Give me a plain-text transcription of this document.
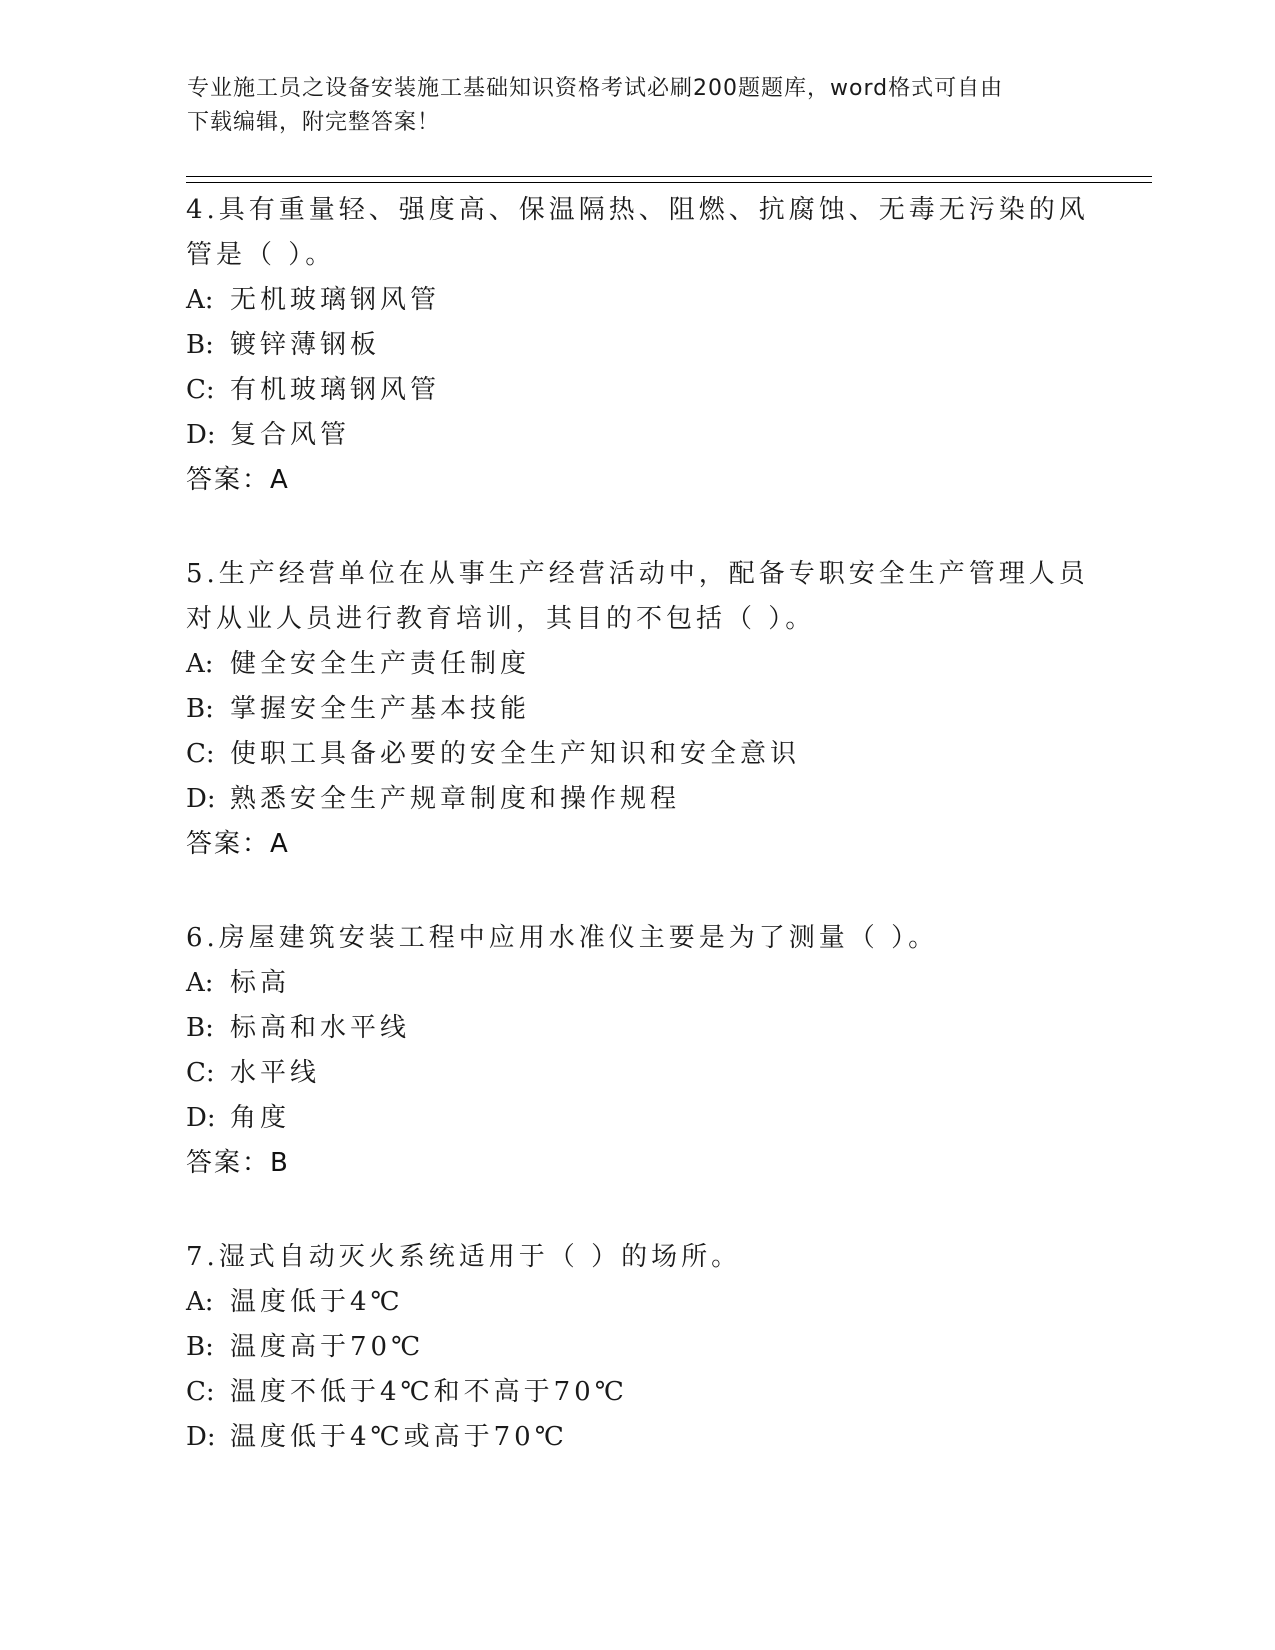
专业施工员之设备安装施工基础知识资格考试必刷200题题库，word格式可自由
下载编辑，附完整答案！
4.具有重量轻、强度高、保温隔热、阻燃、抗腐蚀、无毒无污染的风
管是（ ）。
A: 无机玻璃钢风管
B: 镀锌薄钢板
C: 有机玻璃钢风管
D: 复合风管
答案：A
5.生产经营单位在从事生产经营活动中，配备专职安全生产管理人员
对从业人员进行教育培训，其目的不包括（ ）。
A: 健全安全生产责任制度
B: 掌握安全生产基本技能
C: 使职工具备必要的安全生产知识和安全意识
D: 熟悉安全生产规章制度和操作规程
答案：A
6.房屋建筑安装工程中应用水准仪主要是为了测量（ ）。
A: 标高
B: 标高和水平线
C: 水平线
D: 角度
答案：B
7.湿式自动灭火系统适用于（ ）的场所。
A: 温度低于4℃
B: 温度高于70℃
C: 温度不低于4℃和不高于70℃
D: 温度低于4℃或高于70℃
